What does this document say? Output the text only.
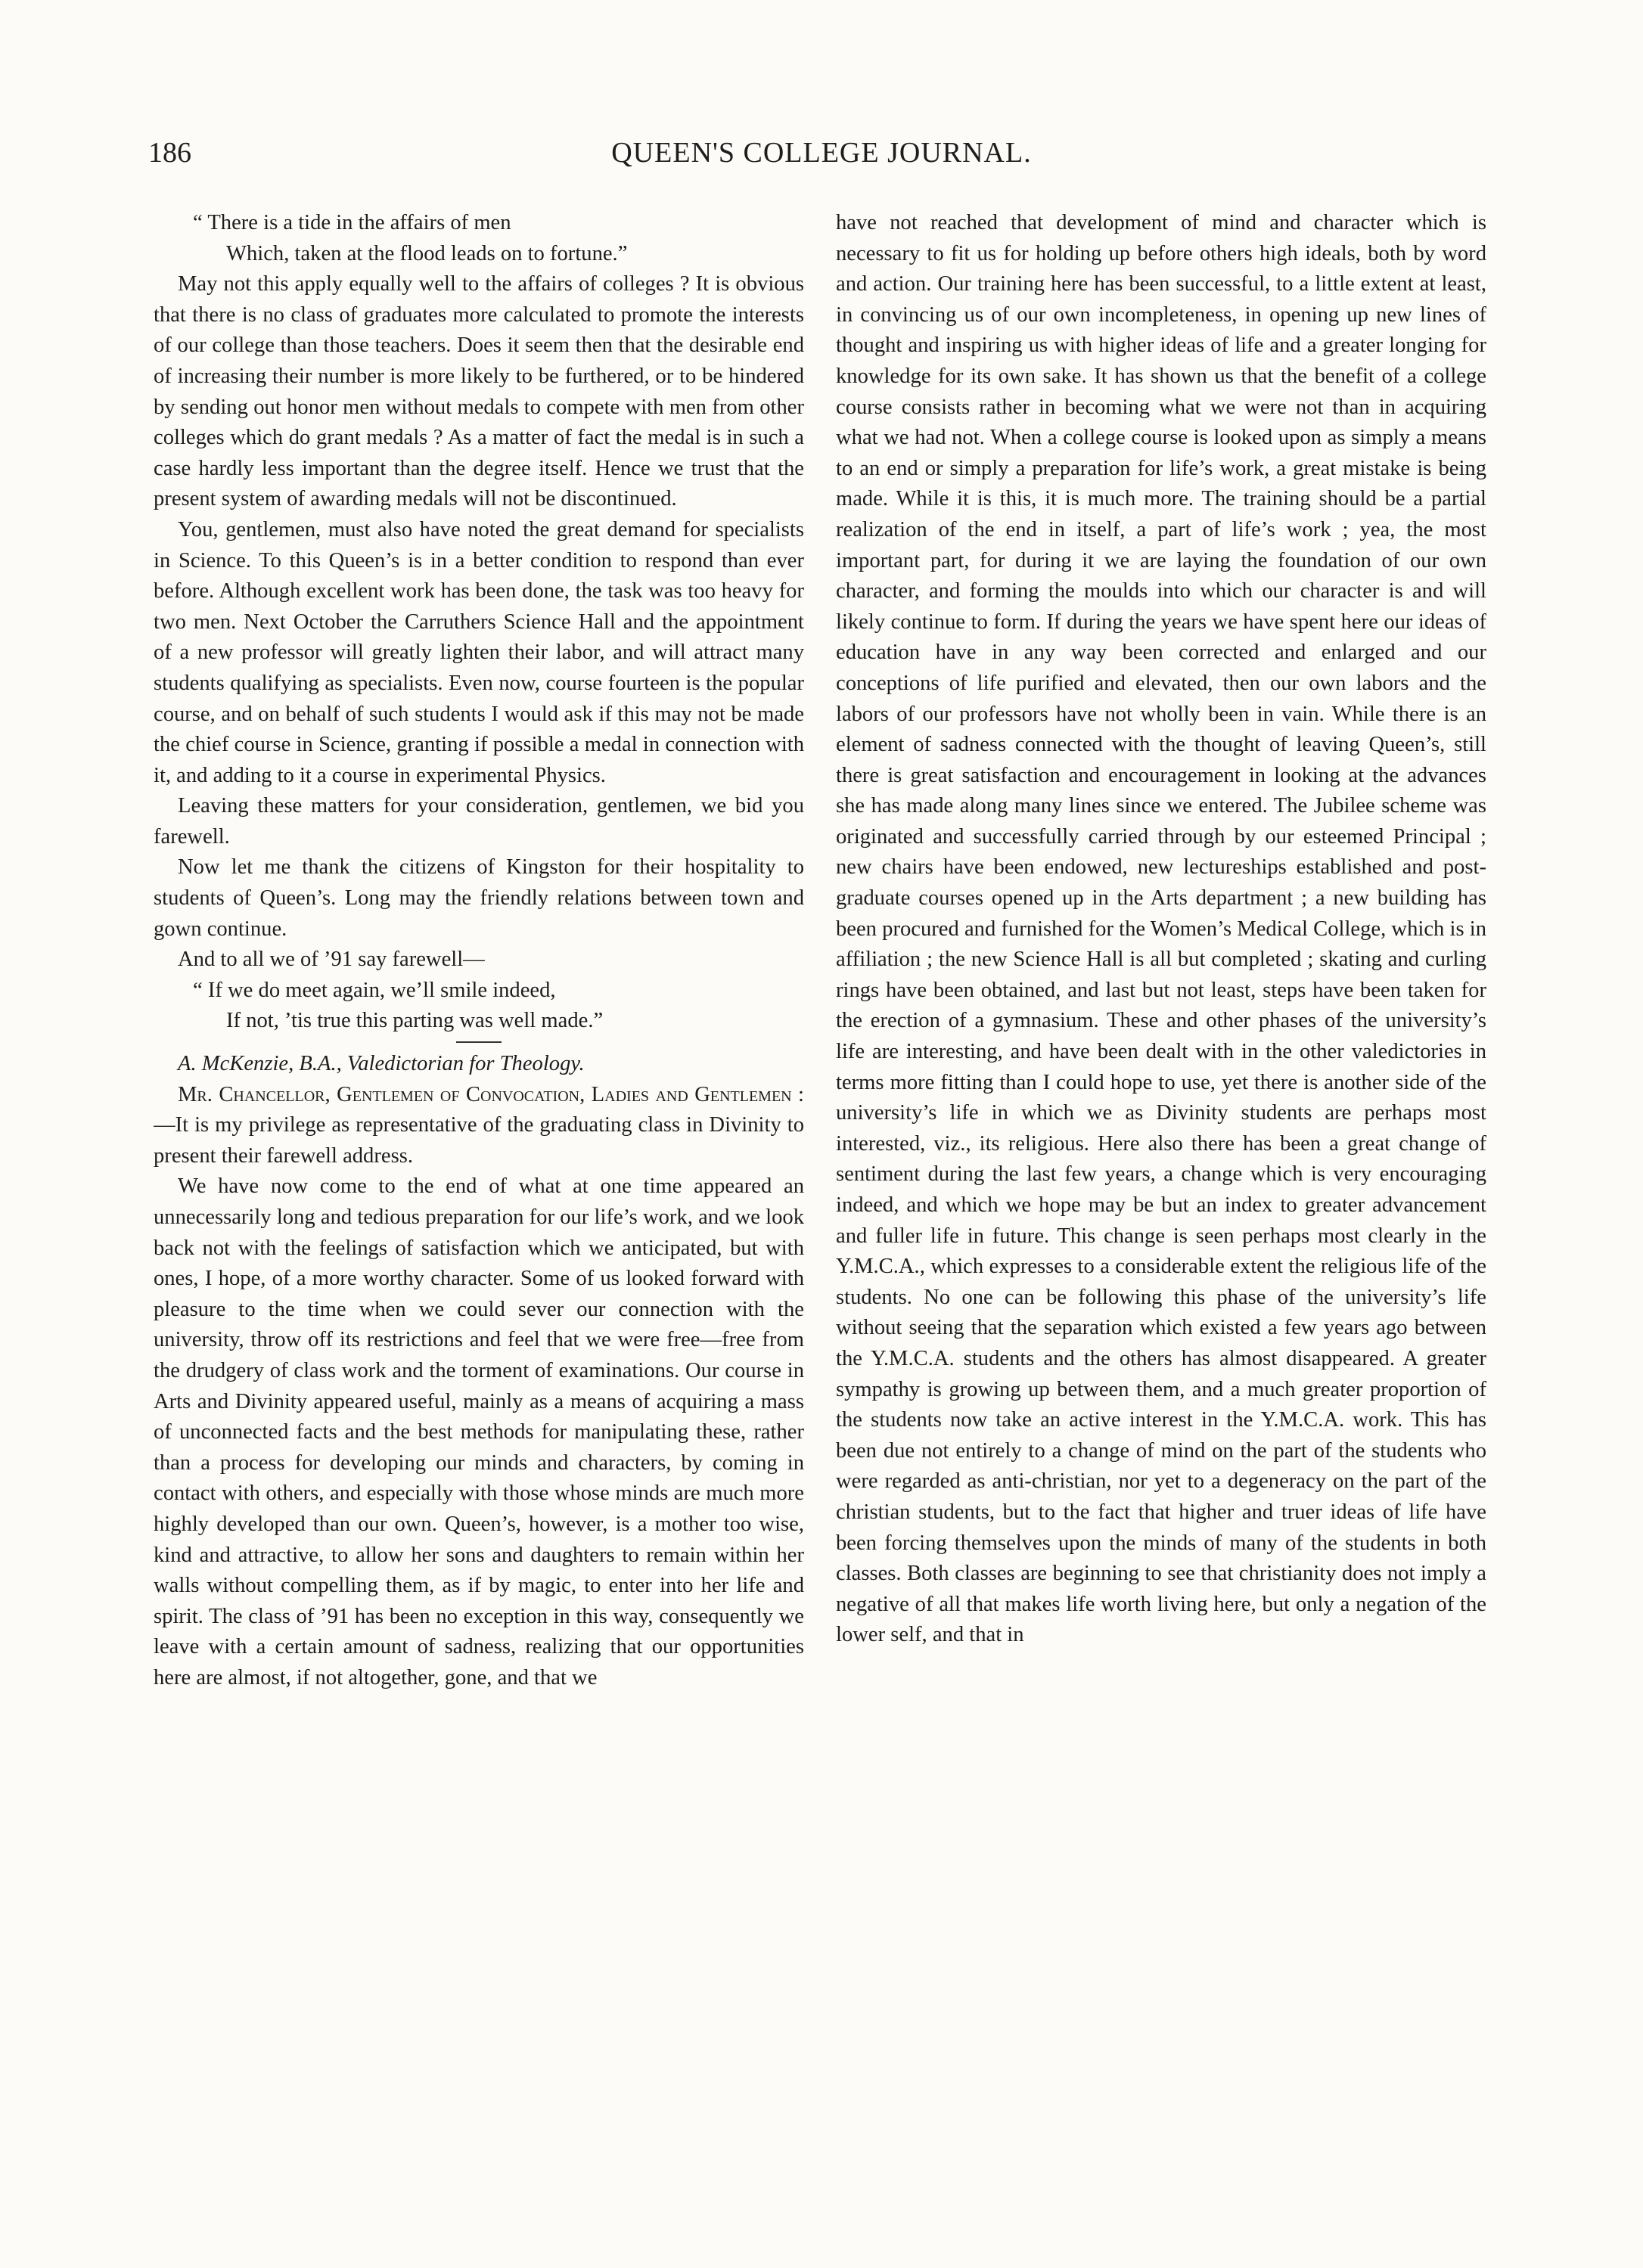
186	QUEEN'S COLLEGE JOURNAL.
“ There is a tide in the affairs of men
Which, taken at the flood leads on to fortune.”

May not this apply equally well to the affairs of colleges ? It is obvious that there is no class of graduates more calculated to promote the interests of our college than those teachers. Does it seem then that the desirable end of increasing their number is more likely to be furthered, or to be hindered by sending out honor men without medals to compete with men from other colleges which do grant medals ? As a matter of fact the medal is in such a case hardly less important than the degree itself. Hence we trust that the present system of awarding medals will not be discontinued.

You, gentlemen, must also have noted the great demand for specialists in Science. To this Queen’s is in a better condition to respond than ever before. Although excellent work has been done, the task was too heavy for two men. Next October the Carruthers Science Hall and the appointment of a new professor will greatly lighten their labor, and will attract many students qualifying as specialists. Even now, course fourteen is the popular course, and on behalf of such students I would ask if this may not be made the chief course in Science, granting if possible a medal in connection with it, and adding to it a course in experimental Physics.

Leaving these matters for your consideration, gentlemen, we bid you farewell.

Now let me thank the citizens of Kingston for their hospitality to students of Queen’s. Long may the friendly relations between town and gown continue.

And to all we of ’91 say farewell—

“ If we do meet again, we’ll smile indeed,
If not, ’tis true this parting was well made.”

A. McKenzie, B.A., Valedictorian for Theology.

Mr. Chancellor, Gentlemen of Convocation, Ladies and Gentlemen :—It is my privilege as representative of the graduating class in Divinity to present their farewell address.

We have now come to the end of what at one time appeared an unnecessarily long and tedious preparation for our life’s work, and we look back not with the feelings of satisfaction which we anticipated, but with ones, I hope, of a more worthy character. Some of us looked forward with pleasure to the time when we could sever our connection with the university, throw off its restrictions and feel that we were free—free from the drudgery of class work and the torment of examinations. Our course in Arts and Divinity appeared useful, mainly as a means of acquiring a mass of unconnected facts and the best methods for manipulating these, rather than a process for developing our minds and characters, by coming in contact with others, and especially with those whose minds are much more highly developed than our own. Queen’s, however, is a mother too wise, kind and attractive, to allow her sons and daughters to remain within her walls without compelling them, as if by magic, to enter into her life and spirit. The class of ’91 has been no exception in this way, consequently we leave with a certain amount of sadness, realizing that our opportunities here are almost, if not altogether, gone, and that we

have not reached that development of mind and character which is necessary to fit us for holding up before others high ideals, both by word and action. Our training here has been successful, to a little extent at least, in convincing us of our own incompleteness, in opening up new lines of thought and inspiring us with higher ideas of life and a greater longing for knowledge for its own sake. It has shown us that the benefit of a college course consists rather in becoming what we were not than in acquiring what we had not. When a college course is looked upon as simply a means to an end or simply a preparation for life’s work, a great mistake is being made. While it is this, it is much more. The training should be a partial realization of the end in itself, a part of life’s work ; yea, the most important part, for during it we are laying the foundation of our own character, and forming the moulds into which our character is and will likely continue to form. If during the years we have spent here our ideas of education have in any way been corrected and enlarged and our conceptions of life purified and elevated, then our own labors and the labors of our professors have not wholly been in vain. While there is an element of sadness connected with the thought of leaving Queen’s, still there is great satisfaction and encouragement in looking at the advances she has made along many lines since we entered. The Jubilee scheme was originated and successfully carried through by our esteemed Principal ; new chairs have been endowed, new lectureships established and post-graduate courses opened up in the Arts department ; a new building has been procured and furnished for the Women’s Medical College, which is in affiliation ; the new Science Hall is all but completed ; skating and curling rings have been obtained, and last but not least, steps have been taken for the erection of a gymnasium. These and other phases of the university’s life are interesting, and have been dealt with in the other valedictories in terms more fitting than I could hope to use, yet there is another side of the university’s life in which we as Divinity students are perhaps most interested, viz., its religious. Here also there has been a great change of sentiment during the last few years, a change which is very encouraging indeed, and which we hope may be but an index to greater advancement and fuller life in future. This change is seen perhaps most clearly in the Y.M.C.A., which expresses to a considerable extent the religious life of the students. No one can be following this phase of the university’s life without seeing that the separation which existed a few years ago between the Y.M.C.A. students and the others has almost disappeared. A greater sympathy is growing up between them, and a much greater proportion of the students now take an active interest in the Y.M.C.A. work. This has been due not entirely to a change of mind on the part of the students who were regarded as anti-christian, nor yet to a degeneracy on the part of the christian students, but to the fact that higher and truer ideas of life have been forcing themselves upon the minds of many of the students in both classes. Both classes are beginning to see that christianity does not imply a negative of all that makes life worth living here, but only a negation of the lower self, and that in
